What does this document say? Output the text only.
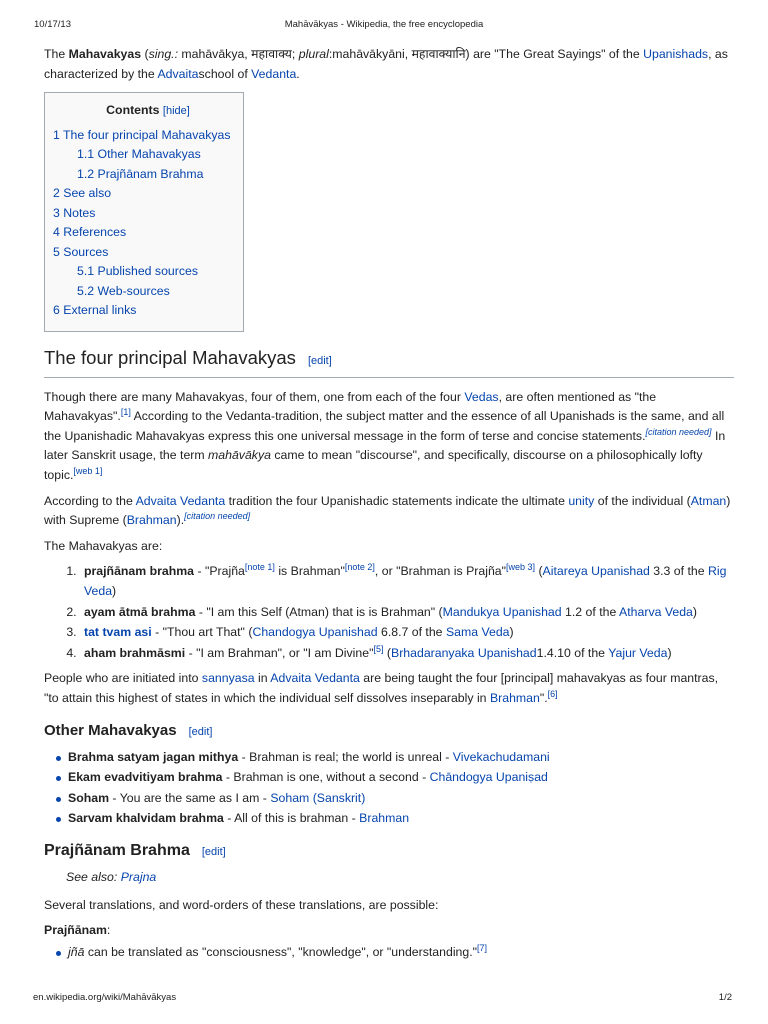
10/17/13	Mahāvākyas - Wikipedia, the free encyclopedia

The Mahavakyas (sing.: mahāvākya, महावाक्य; plural:mahāvākyāni, महावाक्यानि) are "The Great Sayings" of the Upanishads, as characterized by the Advaitaschool of Vedanta.

Contents [hide]
1 The four principal Mahavakyas
1.1 Other Mahavakyas
1.2 Prajñānam Brahma
2 See also
3 Notes
4 References
5 Sources
5.1 Published sources
5.2 Web-sources
6 External links
The four principal Mahavakyas [edit]

Though there are many Mahavakyas, four of them, one from each of the four Vedas, are often mentioned as "the Mahavakyas".[1] According to the Vedanta-tradition, the subject matter and the essence of all Upanishads is the same, and all the Upanishadic Mahavakyas express this one universal message in the form of terse and concise statements.[citation needed] In later Sanskrit usage, the term mahāvākya came to mean "discourse", and specifically, discourse on a philosophically lofty topic.[web 1]

According to the Advaita Vedanta tradition the four Upanishadic statements indicate the ultimate unity of the individual (Atman) with Supreme (Brahman).[citation needed]

The Mahavakyas are:

1. prajñānam brahma - "Prajña[note 1] is Brahman"[note 2], or "Brahman is Prajña"[web 3] (Aitareya Upanishad 3.3 of the Rig Veda)
2. ayam ātmā brahma - "I am this Self (Atman) that is is Brahman" (Mandukya Upanishad 1.2 of the Atharva Veda)
3. tat tvam asi - "Thou art That" (Chandogya Upanishad 6.8.7 of the Sama Veda)
4. aham brahmāsmi - "I am Brahman", or "I am Divine"[5] (Brhadaranyaka Upanishad1.4.10 of the Yajur Veda)

People who are initiated into sannyasa in Advaita Vedanta are being taught the four [principal] mahavakyas as four mantras, "to attain this highest of states in which the individual self dissolves inseparably in Brahman".[6]

Other Mahavakyas [edit]
Brahma satyam jagan mithya - Brahman is real; the world is unreal - Vivekachudamani
Ekam evadvitiyam brahma - Brahman is one, without a second - Chāndogya Upaniṣad
Soham - You are the same as I am - Soham (Sanskrit)
Sarvam khalvidam brahma - All of this is brahman - Brahman
Prajñānam Brahma [edit]
See also: Prajna

Several translations, and word-orders of these translations, are possible:

Prajñānam:
jñā can be translated as "consciousness", "knowledge", or "understanding."[7]
en.wikipedia.org/wiki/Mahāvākyas	1/2
